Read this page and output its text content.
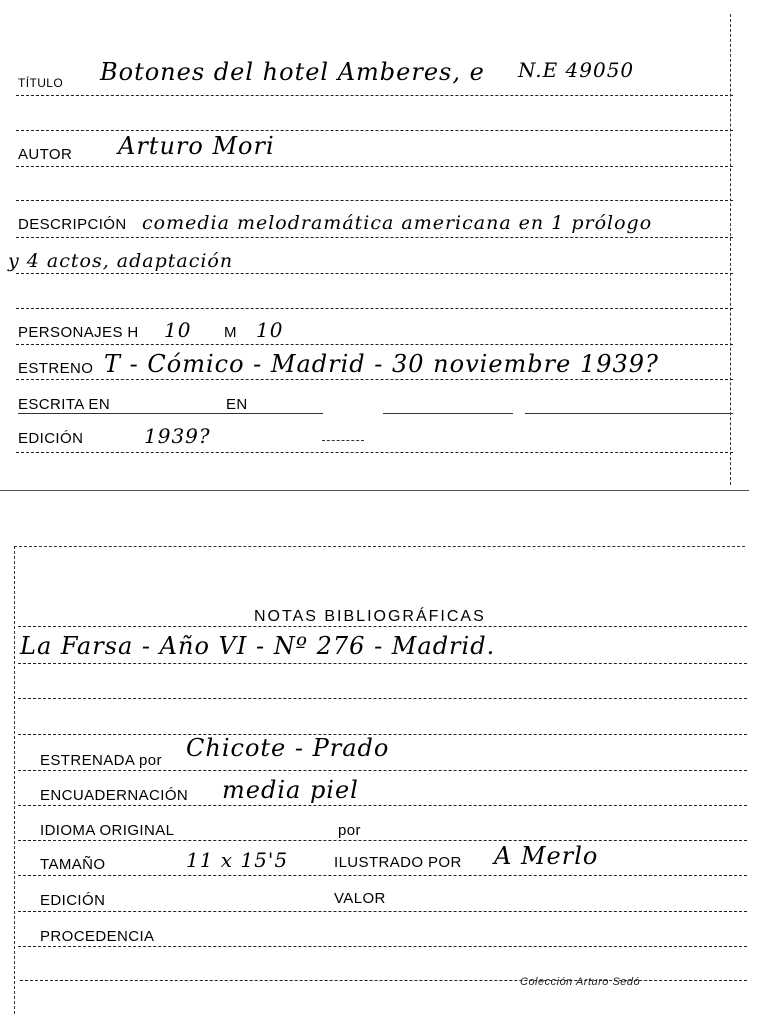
TÍTULO Botones del hotel Amberes, e N.E 49050
AUTOR Arturo Mori
DESCRIPCIÓN comedia melodramática americana en 1 prólogo
y 4 actos, adaptación
PERSONAJES H 10 M 10
ESTRENO T - Cómico - Madrid - 30 noviembre 1939?
ESCRITA EN	EN
EDICIÓN	1939?
NOTAS BIBLIOGRÁFICAS
La Farsa - Año VI - Nº 276 - Madrid.
ESTRENADA por Chicote - Prado
ENCUADERNACIÓN media piel
IDIOMA ORIGINAL	por
TAMAÑO	11 x 15'5	ILUSTRADO POR A Merlo
EDICIÓN	VALOR
PROCEDENCIA
Colección Arturo Sedó
